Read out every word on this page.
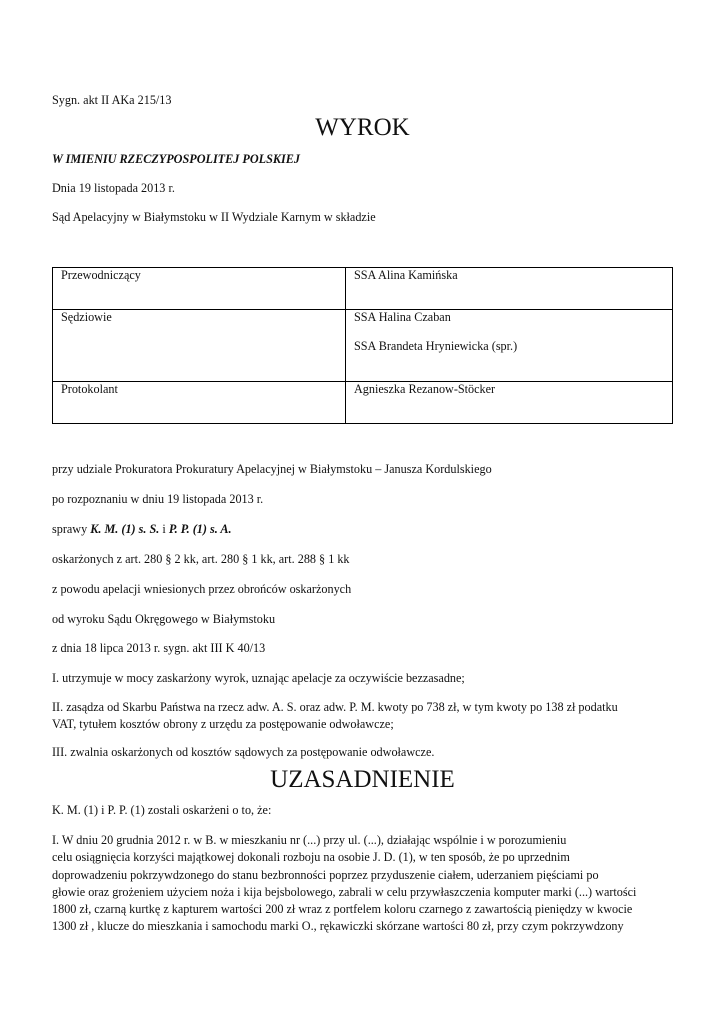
Sygn. akt II AKa 215/13
WYROK
W IMIENIU RZECZYPOSPOLITEJ POLSKIEJ
Dnia 19 listopada 2013 r.
Sąd Apelacyjny w Białymstoku w II Wydziale Karnym w składzie
Przewodniczący	SSA Alina Kamińska
Sędziowie	SSA Halina Czaban
SSA Brandeta Hryniewicka (spr.)

Protokolant	Agnieszka Rezanow-Stöcker
przy udziale Prokuratora Prokuratury Apelacyjnej w Białymstoku – Janusza Kordulskiego
po rozpoznaniu w dniu 19 listopada 2013 r.
sprawy K. M. (1) s. S. i P. P. (1) s. A.
oskarżonych z art. 280 § 2 kk, art. 280 § 1 kk, art. 288 § 1 kk
z powodu apelacji wniesionych przez obrońców oskarżonych
od wyroku Sądu Okręgowego w Białymstoku
z dnia 18 lipca 2013 r. sygn. akt III K 40/13
I. utrzymuje w mocy zaskarżony wyrok, uznając apelacje za oczywiście bezzasadne;
II. zasądza od Skarbu Państwa na rzecz adw. A. S. oraz adw. P. M. kwoty po 738 zł, w tym kwoty po 138 zł podatku
VAT, tytułem kosztów obrony z urzędu za postępowanie odwoławcze;
III. zwalnia oskarżonych od kosztów sądowych za postępowanie odwoławcze.
UZASADNIENIE
K. M. (1) i P. P. (1) zostali oskarżeni o to, że:
I. W dniu 20 grudnia 2012 r. w B. w mieszkaniu nr (...) przy ul. (...), działając wspólnie i w porozumieniu
celu osiągnięcia korzyści majątkowej dokonali rozboju na osobie J. D. (1), w ten sposób, że po uprzednim
doprowadzeniu pokrzywdzonego do stanu bezbronności poprzez przyduszenie ciałem, uderzaniem pięściami po
głowie oraz grożeniem użyciem noża i kija bejsbolowego, zabrali w celu przywłaszczenia komputer marki (...) wartości
1800 zł, czarną kurtkę z kapturem wartości 200 zł wraz z portfelem koloru czarnego z zawartością pieniędzy w kwocie
1300 zł , klucze do mieszkania i samochodu marki O., rękawiczki skórzane wartości 80 zł, przy czym pokrzywdzony
